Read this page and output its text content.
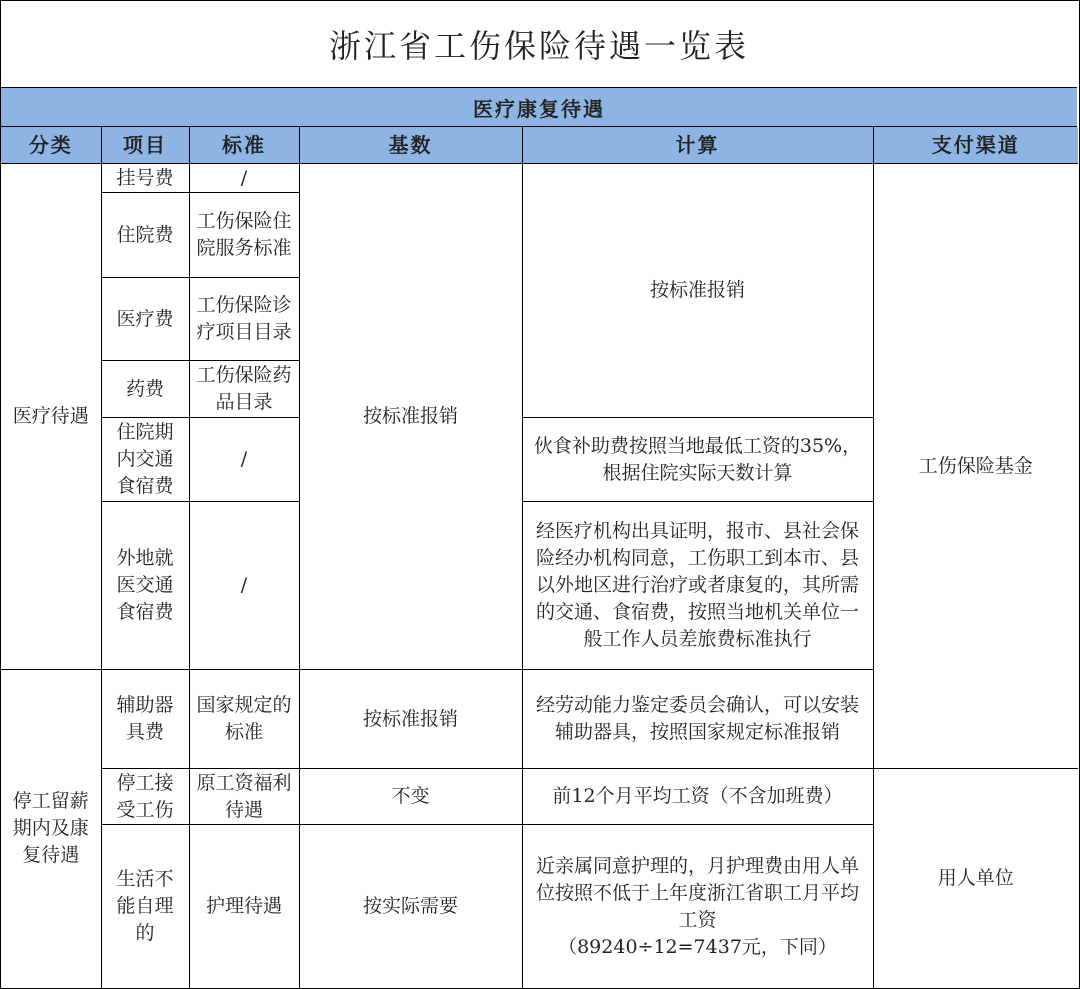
浙江省工伤保险待遇一览表
医疗康复待遇
分类	项目	标准	基数	计算	支付渠道
医疗待遇	挂号费	/	按标准报销	按标准报销	工伤保险基金
	住院费	工伤保险住院服务标准			
	医疗费	工伤保险诊疗项目目录			
	药费	工伤保险药品目录			
	住院期内交通食宿费	/		伙食补助费按照当地最低工资的35%，根据住院实际天数计算	
	外地就医交通食宿费	/		经医疗机构出具证明，报市、县社会保险经办机构同意，工伤职工到本市、县以外地区进行治疗或者康复的，其所需的交通、食宿费，按照当地机关单位一般工作人员差旅费标准执行	
停工留薪期内及康复待遇	辅助器具费	国家规定的标准	按标准报销	经劳动能力鉴定委员会确认，可以安装辅助器具，按照国家规定标准报销	
	停工接受工伤	原工资福利待遇	不变	前12个月平均工资（不含加班费）	用人单位
	生活不能自理的	护理待遇	按实际需要	近亲属同意护理的，月护理费由用人单位按照不低于上年度浙江省职工月平均工资
（89240÷12=7437元，下同）	
